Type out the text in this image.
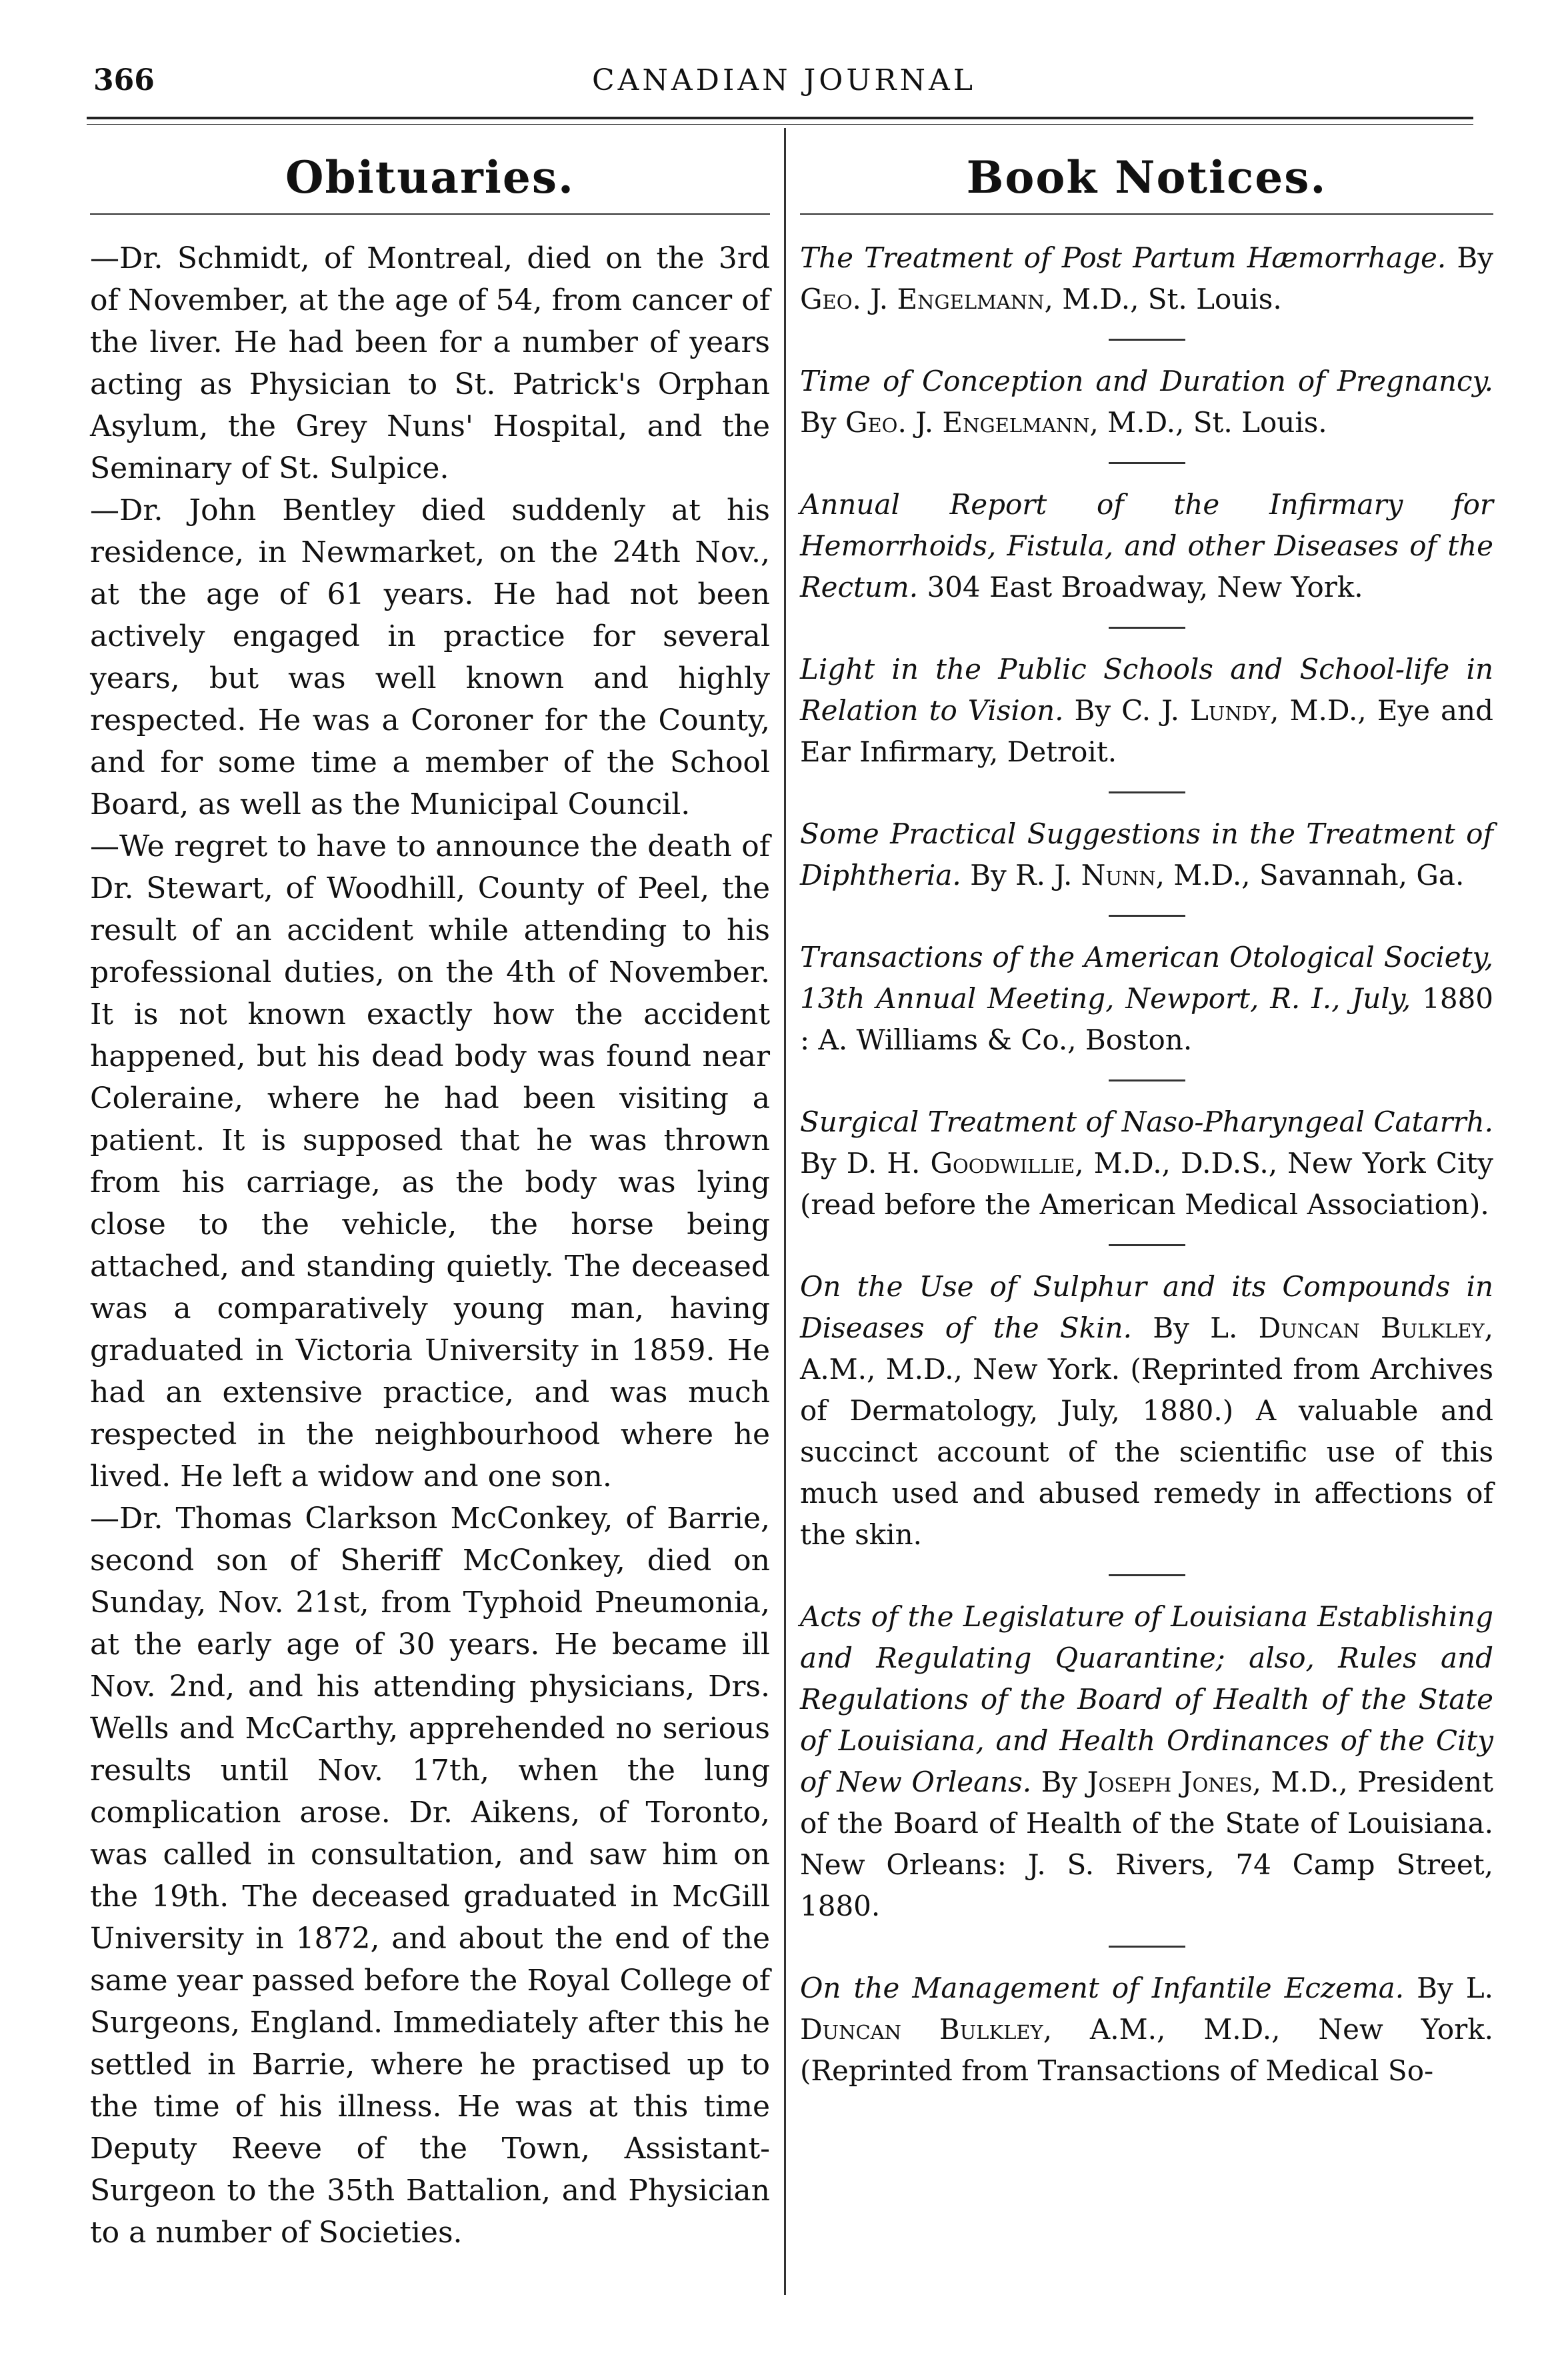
366	CANADIAN JOURNAL
Obituaries.

—Dr. Schmidt, of Montreal, died on the 3rd of November, at the age of 54, from cancer of the liver. He had been for a number of years acting as Physician to St. Patrick's Orphan Asylum, the Grey Nuns' Hospital, and the Seminary of St. Sulpice.

—Dr. John Bentley died suddenly at his residence, in Newmarket, on the 24th Nov., at the age of 61 years. He had not been actively engaged in practice for several years, but was well known and highly respected. He was a Coroner for the County, and for some time a member of the School Board, as well as the Municipal Council.

—We regret to have to announce the death of Dr. Stewart, of Woodhill, County of Peel, the result of an accident while attending to his professional duties, on the 4th of November. It is not known exactly how the accident happened, but his dead body was found near Coleraine, where he had been visiting a patient. It is supposed that he was thrown from his carriage, as the body was lying close to the vehicle, the horse being attached, and standing quietly. The deceased was a comparatively young man, having graduated in Victoria University in 1859. He had an extensive practice, and was much respected in the neighbourhood where he lived. He left a widow and one son.

—Dr. Thomas Clarkson McConkey, of Barrie, second son of Sheriff McConkey, died on Sunday, Nov. 21st, from Typhoid Pneumonia, at the early age of 30 years. He became ill Nov. 2nd, and his attending physicians, Drs. Wells and McCarthy, apprehended no serious results until Nov. 17th, when the lung complication arose. Dr. Aikens, of Toronto, was called in consultation, and saw him on the 19th. The deceased graduated in McGill University in 1872, and about the end of the same year passed before the Royal College of Surgeons, England. Immediately after this he settled in Barrie, where he practised up to the time of his illness. He was at this time Deputy Reeve of the Town, Assistant-Surgeon to the 35th Battalion, and Physician to a number of Societies.

Book Notices.

The Treatment of Post Partum Hæmorrhage. By Geo. J. Engelmann, M.D., St. Louis.

Time of Conception and Duration of Pregnancy. By Geo. J. Engelmann, M.D., St. Louis.

Annual Report of the Infirmary for Hemorrhoids, Fistula, and other Diseases of the Rectum. 304 East Broadway, New York.

Light in the Public Schools and School-life in Relation to Vision. By C. J. Lundy, M.D., Eye and Ear Infirmary, Detroit.

Some Practical Suggestions in the Treatment of Diphtheria. By R. J. Nunn, M.D., Savannah, Ga.

Transactions of the American Otological Society, 13th Annual Meeting, Newport, R. I., July, 1880 : A. Williams & Co., Boston.

Surgical Treatment of Naso-Pharyngeal Catarrh. By D. H. Goodwillie, M.D., D.D.S., New York City (read before the American Medical Association).

On the Use of Sulphur and its Compounds in Diseases of the Skin. By L. Duncan Bulkley, A.M., M.D., New York. (Reprinted from Archives of Dermatology, July, 1880.) A valuable and succinct account of the scientific use of this much used and abused remedy in affections of the skin.

Acts of the Legislature of Louisiana Establishing and Regulating Quarantine; also, Rules and Regulations of the Board of Health of the State of Louisiana, and Health Ordinances of the City of New Orleans. By Joseph Jones, M.D., President of the Board of Health of the State of Louisiana. New Orleans: J. S. Rivers, 74 Camp Street, 1880.

On the Management of Infantile Eczema. By L. Duncan Bulkley, A.M., M.D., New York. (Reprinted from Transactions of Medical So-
